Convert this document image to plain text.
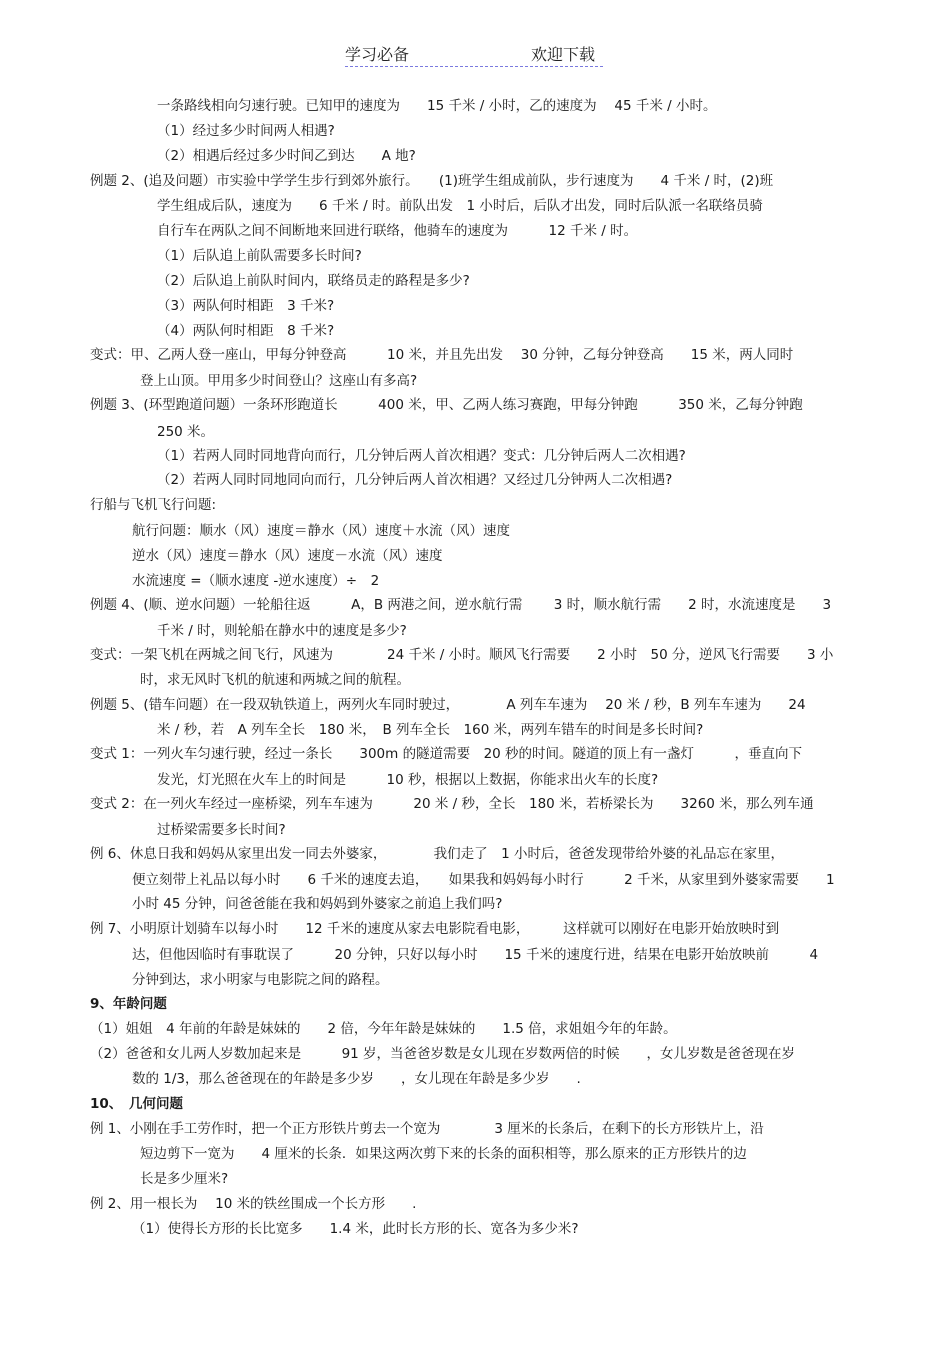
学习必备	欢迎下载
一条路线相向匀速行驶。已知甲的速度为　　15 千米 / 小时，乙的速度为　 45 千米 / 小时。
（1）经过多少时间两人相遇?
（2）相遇后经过多少时间乙到达　　A 地?
例题 2、(追及问题）市实验中学学生步行到郊外旅行。　　(1)班学生组成前队，步行速度为　　4 千米 / 时，(2)班
学生组成后队，速度为　　6 千米 / 时。前队出发　1 小时后，后队才出发，同时后队派一名联络员骑
自行车在两队之间不间断地来回进行联络，他骑车的速度为　　　12 千米 / 时。
（1）后队追上前队需要多长时间?
（2）后队追上前队时间内，联络员走的路程是多少?
（3）两队何时相距　3 千米?
（4）两队何时相距　8 千米?
变式：甲、乙两人登一座山，甲每分钟登高　　　10 米，并且先出发　 30 分钟，乙每分钟登高　　15 米，两人同时
登上山顶。甲用多少时间登山？这座山有多高?
例题 3、(环型跑道问题）一条环形跑道长　　　400 米，甲、乙两人练习赛跑，甲每分钟跑　　　350 米，乙每分钟跑
250 米。
（1）若两人同时同地背向而行，几分钟后两人首次相遇？变式：几分钟后两人二次相遇?
（2）若两人同时同地同向而行，几分钟后两人首次相遇？又经过几分钟两人二次相遇?
行船与飞机飞行问题:
航行问题：顺水（风）速度＝静水（风）速度＋水流（风）速度
逆水（风）速度＝静水（风）速度－水流（风）速度
水流速度 =（顺水速度 -逆水速度）÷　2
例题 4、(顺、逆水问题）一轮船往返　　　A，B 两港之间，逆水航行需　　 3 时，顺水航行需　　2 时，水流速度是　　3
千米 / 时，则轮船在静水中的速度是多少?
变式：一架飞机在两城之间飞行，风速为　　　　24 千米 / 小时。顺风飞行需要　　2 小时　50 分，逆风飞行需要　　3 小
时，求无风时飞机的航速和两城之间的航程。
例题 5、(错车问题）在一段双轨铁道上，两列火车同时驶过，　　　　A 列车车速为　 20 米 / 秒，B 列车车速为　　24
米 / 秒，若　A 列车全长　180 米，　B 列车全长　160 米，两列车错车的时间是多长时间?
变式 1：一列火车匀速行驶，经过一条长　　300m 的隧道需要　20 秒的时间。隧道的顶上有一盏灯　　　，垂直向下
发光，灯光照在火车上的时间是　　　10 秒，根据以上数据，你能求出火车的长度?
变式 2：在一列火车经过一座桥梁，列车车速为　　　20 米 / 秒，全长　180 米，若桥梁长为　　3260 米，那么列车通
过桥梁需要多长时间?
例 6、休息日我和妈妈从家里出发一同去外婆家，　　　　我们走了　1 小时后，爸爸发现带给外婆的礼品忘在家里，
便立刻带上礼品以每小时　　6 千米的速度去追，　　如果我和妈妈每小时行　　　2 千米，从家里到外婆家需要　　1
小时 45 分钟，问爸爸能在我和妈妈到外婆家之前追上我们吗?
例 7、小明原计划骑车以每小时　　12 千米的速度从家去电影院看电影，　　　这样就可以刚好在电影开始放映时到
达，但他因临时有事耽误了　　　20 分钟，只好以每小时　　15 千米的速度行进，结果在电影开始放映前　　　4
分钟到达，求小明家与电影院之间的路程。
9、年龄问题
（1）姐姐　4 年前的年龄是妹妹的　　2 倍，今年年龄是妹妹的　　1.5 倍，求姐姐今年的年龄。
（2）爸爸和女儿两人岁数加起来是　　　91 岁，当爸爸岁数是女儿现在岁数两倍的时候　　，女儿岁数是爸爸现在岁
数的 1/3，那么爸爸现在的年龄是多少岁　　，女儿现在年龄是多少岁　　.
10、　几何问题
例 1、小刚在手工劳作时，把一个正方形铁片剪去一个宽为　　　　3 厘米的长条后，在剩下的长方形铁片上，沿
短边剪下一宽为　　4 厘米的长条．如果这两次剪下来的长条的面积相等，那么原来的正方形铁片的边
长是多少厘米?
例 2、用一根长为　 10 米的铁丝围成一个长方形　　.
（1）使得长方形的长比宽多　　1.4 米，此时长方形的长、宽各为多少米?
